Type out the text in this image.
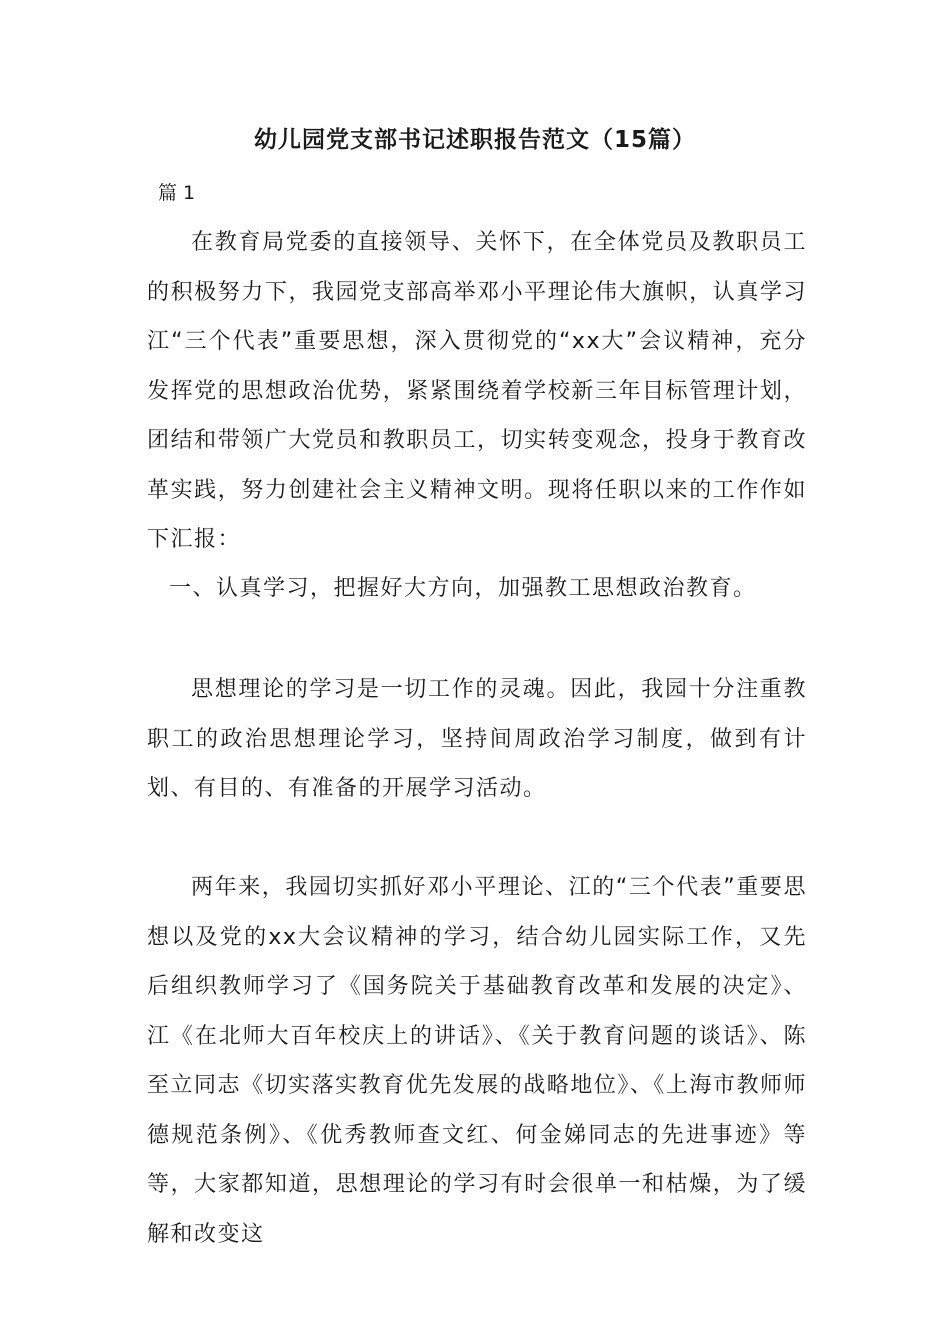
幼儿园党支部书记述职报告范文（15篇）
篇 1

在教育局党委的直接领导、关怀下，在全体党员及教职员工的积极努力下，我园党支部高举邓小平理论伟大旗帜，认真学习江“三个代表”重要思想，深入贯彻党的“xx大”会议精神，充分发挥党的思想政治优势，紧紧围绕着学校新三年目标管理计划，团结和带领广大党员和教职员工，切实转变观念，投身于教育改革实践，努力创建社会主义精神文明。现将任职以来的工作作如下汇报：

一、认真学习，把握好大方向，加强教工思想政治教育。

思想理论的学习是一切工作的灵魂。因此，我园十分注重教职工的政治思想理论学习，坚持间周政治学习制度，做到有计划、有目的、有准备的开展学习活动。

两年来，我园切实抓好邓小平理论、江的“三个代表”重要思想以及党的xx大会议精神的学习，结合幼儿园实际工作，又先后组织教师学习了《国务院关于基础教育改革和发展的决定》、江《在北师大百年校庆上的讲话》、《关于教育问题的谈话》、陈至立同志《切实落实教育优先发展的战略地位》、《上海市教师师德规范条例》、《优秀教师查文红、何金娣同志的先进事迹》等等，大家都知道，思想理论的学习有时会很单一和枯燥，为了缓解和改变这
